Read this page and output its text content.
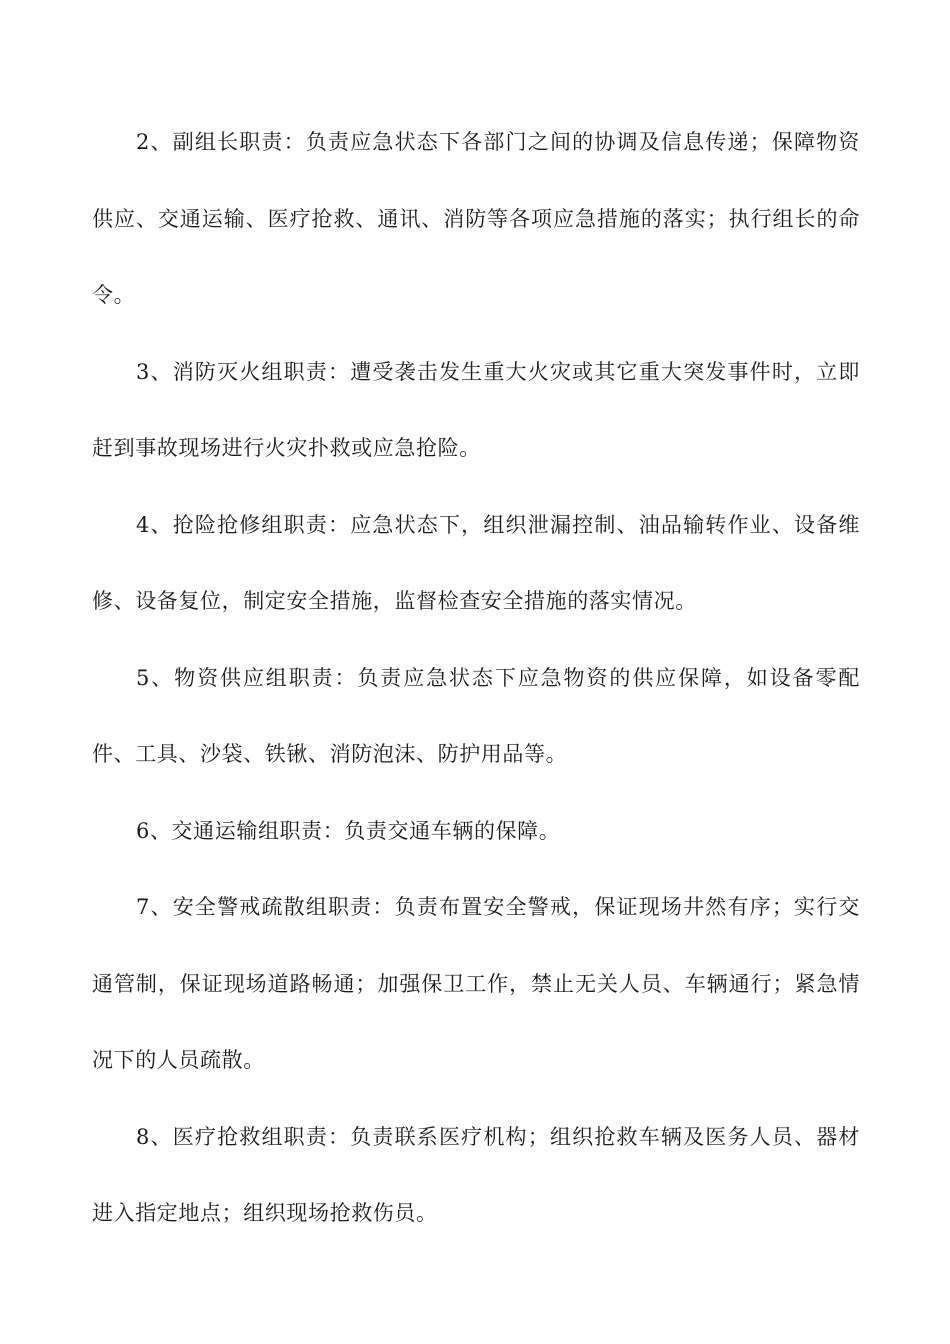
2、副组长职责：负责应急状态下各部门之间的协调及信息传递；保障物资供应、交通运输、医疗抢救、通讯、消防等各项应急措施的落实；执行组长的命令。

3、消防灭火组职责：遭受袭击发生重大火灾或其它重大突发事件时，立即赶到事故现场进行火灾扑救或应急抢险。

4、抢险抢修组职责：应急状态下，组织泄漏控制、油品输转作业、设备维修、设备复位，制定安全措施，监督检查安全措施的落实情况。

5、物资供应组职责：负责应急状态下应急物资的供应保障，如设备零配件、工具、沙袋、铁锹、消防泡沫、防护用品等。

6、交通运输组职责：负责交通车辆的保障。

7、安全警戒疏散组职责：负责布置安全警戒，保证现场井然有序；实行交通管制，保证现场道路畅通；加强保卫工作，禁止无关人员、车辆通行；紧急情况下的人员疏散。

8、医疗抢救组职责：负责联系医疗机构；组织抢救车辆及医务人员、器材进入指定地点；组织现场抢救伤员。
